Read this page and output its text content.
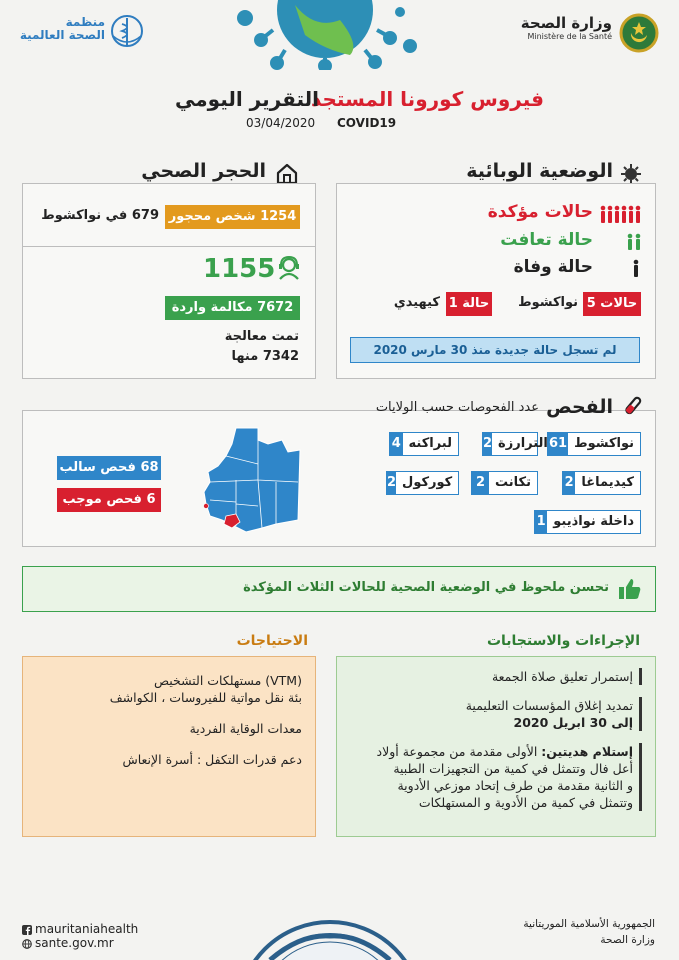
منظمة
الصحة العالمية
وزارة الصحة
Ministère de la Santé
فيروس كورونا المستجد
COVID19
التقرير اليومي
03/04/2020
الوضعية الوبائية
حالات مؤكدة
حالة تعافت
حالة وفاة
5 حالات
نواكشوط
1 حالة
كيهيدي
لم تسجل حالة جديدة منذ 30 مارس 2020
الحجر الصحي
1254 شخص محجور
679 في نواكشوط
1155
7672 مكالمة واردة
تمت معالجة
7342 منها
الفحص
عدد الفحوصات حسب الولايات
61 نواكشوط
2 الترارزة
4 لبراكنه
2 كيديماغا
2 تكانت
2 كوركول
1 داخلة نواذيبو
68 فحص سالب
6 فحص موجب
تحسن ملحوظ في الوضعية الصحية للحالات الثلاث المؤكدة
الإجراءات والاستجابات
إستمرار تعليق صلاة الجمعة
تمديد إغلاق المؤسسات التعليمية
إلى 30 ابريل 2020
إستلام هديتين: الأولى مقدمة من مجموعة أولاد
أعل فال وتتمثل في كمية من التجهيزات الطبية
و الثانية مقدمة من طرف إتحاد موزعي الأدوية
وتتمثل في كمية من الأدوية و المستهلكات
الاحتياجات
(VTM) مستهلكات التشخيص
بئة نقل مواتية للفيروسات ، الكواشف
معدات الوقاية الفردية
دعم قدرات التكفل : أسرة الإنعاش
mauritaniahealth
sante.gov.mr
الجمهورية الأسلامية الموريتانية
وزارة الصحة
